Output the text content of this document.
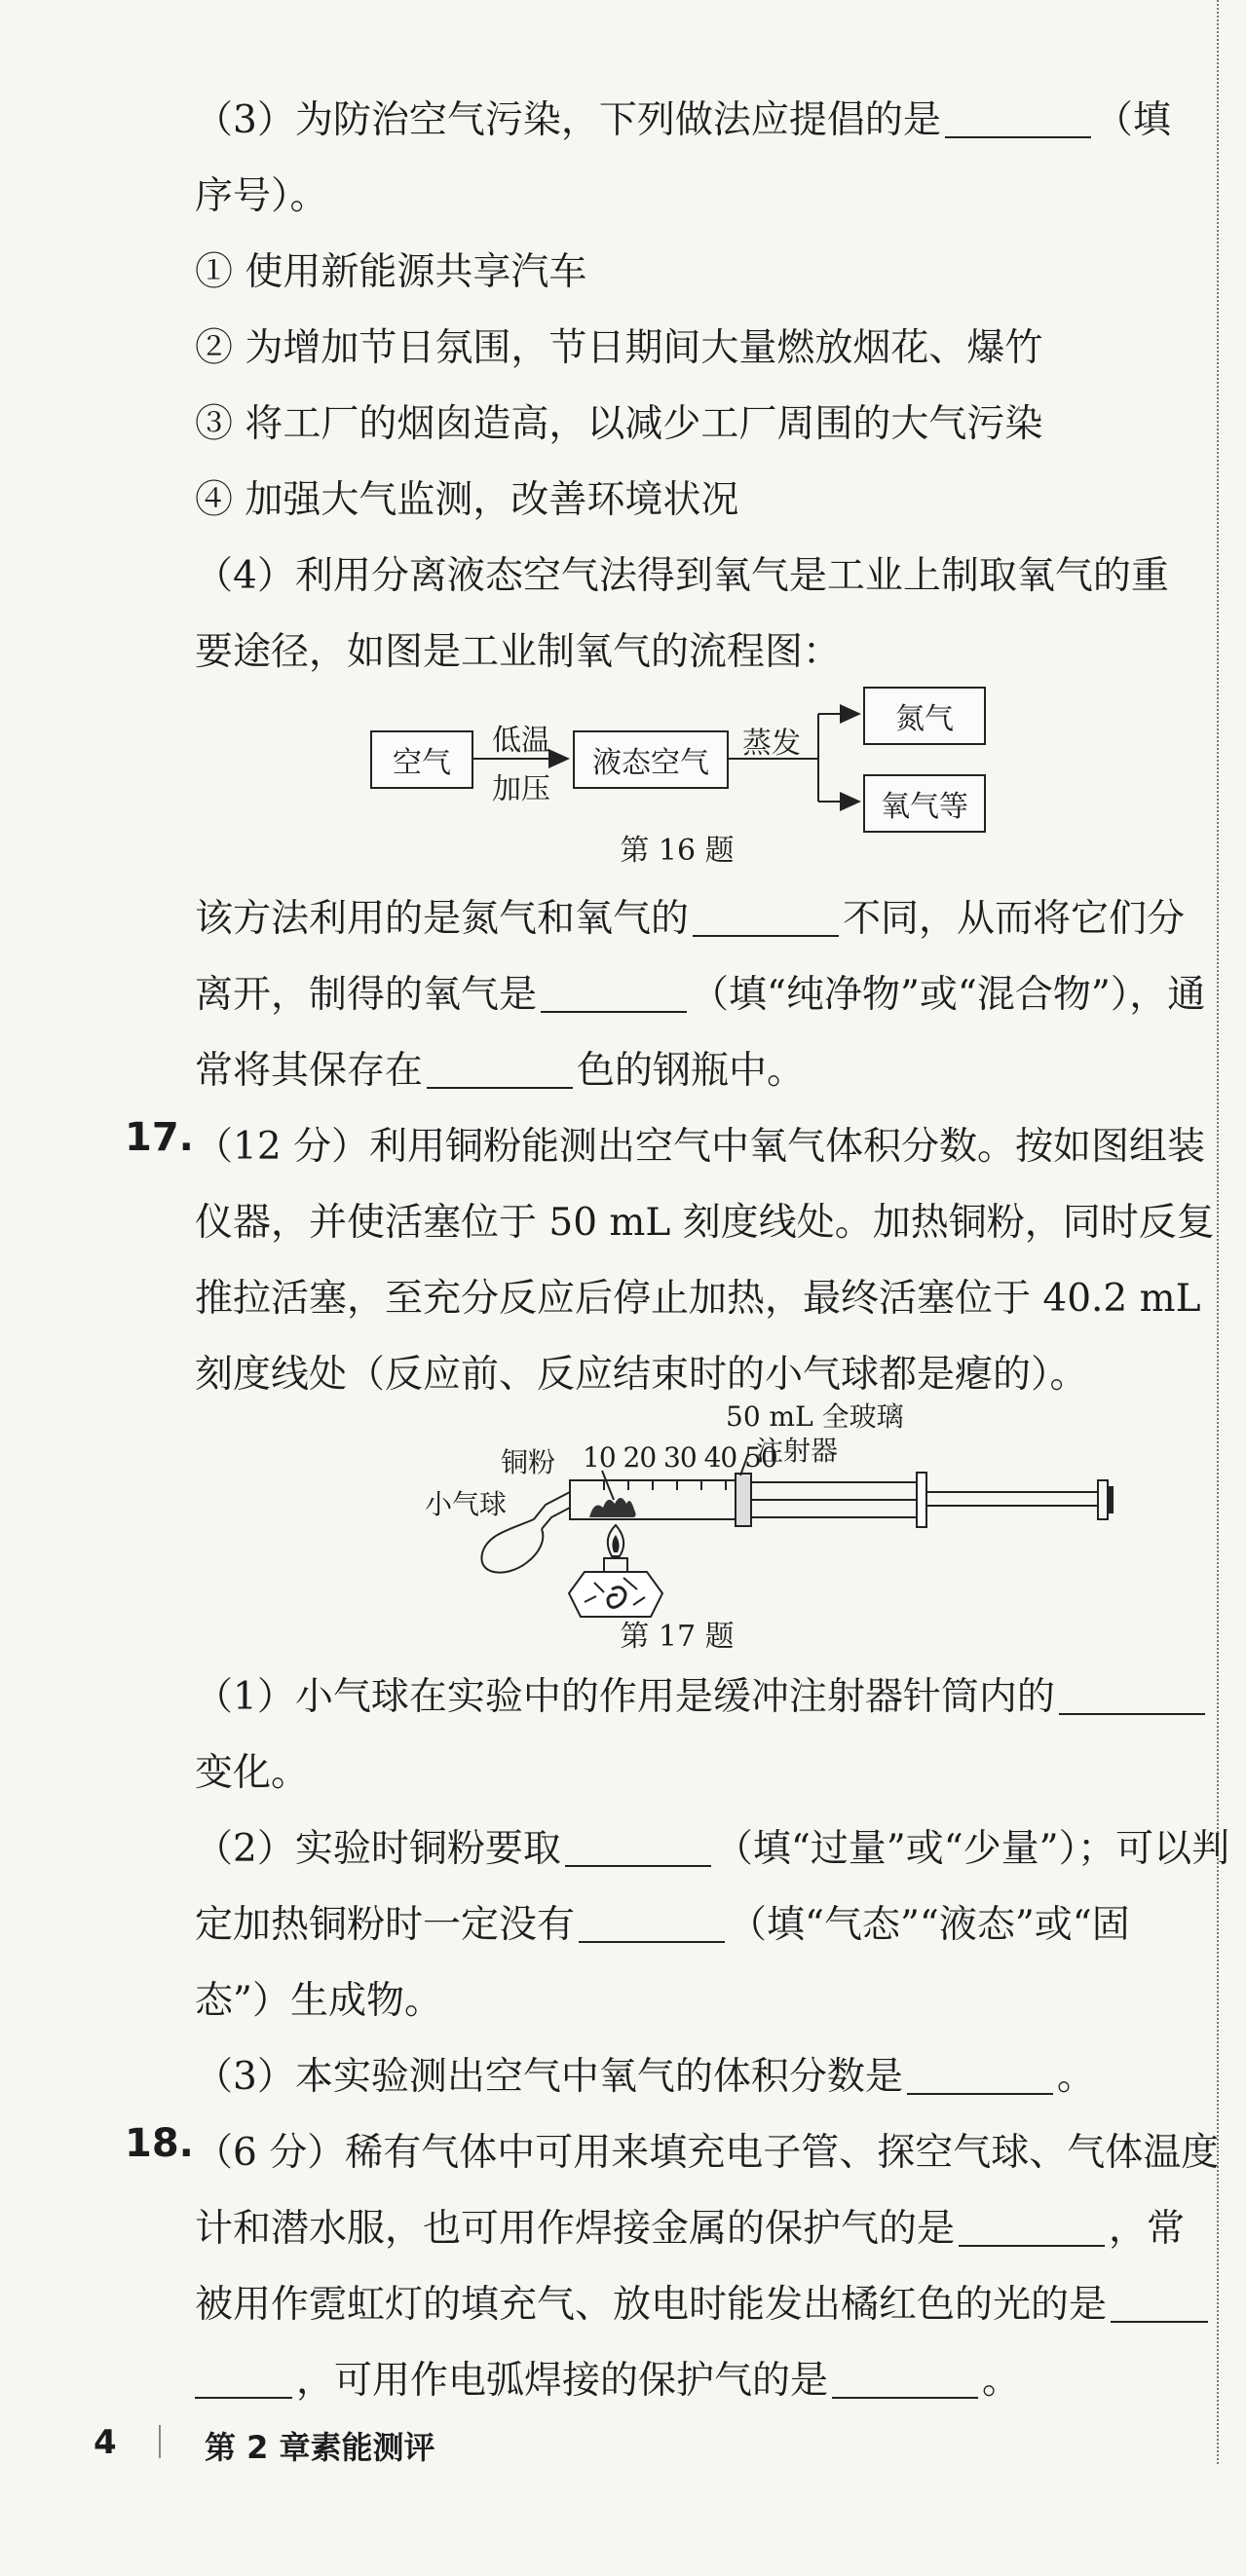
（3）为防治空气污染，下列做法应提倡的是	（填
序号）。
① 使用新能源共享汽车
② 为增加节日氛围，节日期间大量燃放烟花、爆竹
③ 将工厂的烟囱造高，以减少工厂周围的大气污染
④ 加强大气监测，改善环境状况
（4）利用分离液态空气法得到氧气是工业上制取氧气的重
要途径，如图是工业制氧气的流程图：
空气
低温
加压
液态空气
蒸发
氮气
氧气等
第 16 题
该方法利用的是氮气和氧气的	不同，从而将它们分
离开，制得的氧气是	（填“纯净物”或“混合物”），通
常将其保存在	色的钢瓶中。
17. （12 分）利用铜粉能测出空气中氧气体积分数。按如图组装
仪器，并使活塞位于 50 mL 刻度线处。加热铜粉，同时反复
推拉活塞，至充分反应后停止加热，最终活塞位于 40.2 mL
刻度线处（反应前、反应结束时的小气球都是瘪的）。
50 mL 全玻璃
注射器
铜粉 10 20 30 40 50
小气球
第 17 题
（1）小气球在实验中的作用是缓冲注射器针筒内的
变化。
（2）实验时铜粉要取	（填“过量”或“少量”）；可以判
定加热铜粉时一定没有	（填“气态”“液态”或“固
态”）生成物。
（3）本实验测出空气中氧气的体积分数是	。
18. （6 分）稀有气体中可用来填充电子管、探空气球、气体温度
计和潜水服，也可用作焊接金属的保护气的是	，常
被用作霓虹灯的填充气、放电时能发出橘红色的光的是
，可用作电弧焊接的保护气的是	。
4	第 2 章素能测评
